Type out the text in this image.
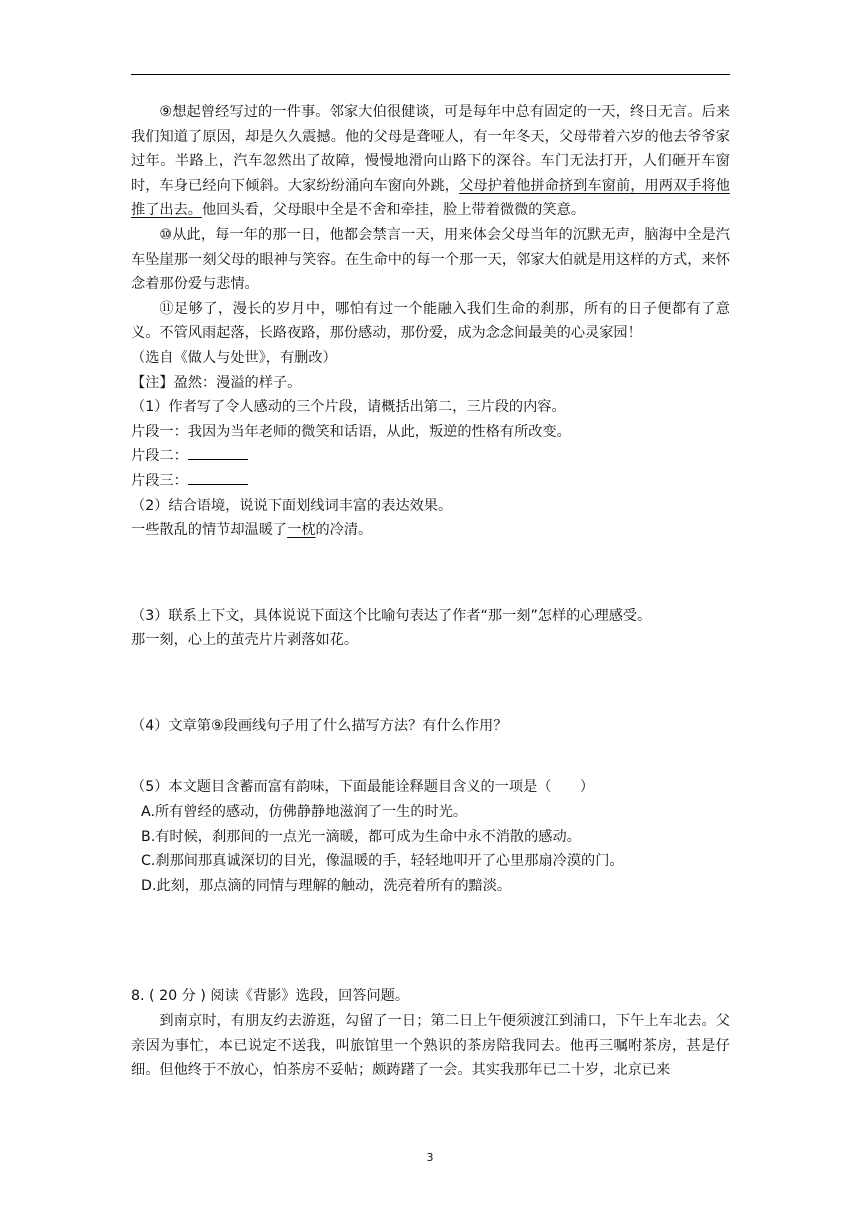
⑨想起曾经写过的一件事。邻家大伯很健谈，可是每年中总有固定的一天，终日无言。后来我们知道了原因，却是久久震撼。他的父母是聋哑人，有一年冬天，父母带着六岁的他去爷爷家过年。半路上，汽车忽然出了故障，慢慢地滑向山路下的深谷。车门无法打开，人们砸开车窗时，车身已经向下倾斜。大家纷纷涌向车窗向外跳，父母护着他拼命挤到车窗前，用两双手将他推了出去。他回头看，父母眼中全是不舍和牵挂，脸上带着微微的笑意。

⑩从此，每一年的那一日，他都会禁言一天，用来体会父母当年的沉默无声，脑海中全是汽车坠崖那一刻父母的眼神与笑容。在生命中的每一个那一天，邻家大伯就是用这样的方式，来怀念着那份爱与悲情。

⑪足够了，漫长的岁月中，哪怕有过一个能融入我们生命的刹那，所有的日子便都有了意义。不管风雨起落，长路夜路，那份感动，那份爱，成为念念间最美的心灵家园！

（选自《做人与处世》，有删改）

【注】盈然：漫溢的样子。

（1）作者写了令人感动的三个片段，请概括出第二，三片段的内容。

片段一：我因为当年老师的微笑和话语，从此，叛逆的性格有所改变。

片段二：

片段三：

（2）结合语境，说说下面划线词丰富的表达效果。

一些散乱的情节却温暖了一枕的冷清。

（3）联系上下文，具体说说下面这个比喻句表达了作者“那一刻”怎样的心理感受。

那一刻，心上的茧壳片片剥落如花。

（4）文章第⑨段画线句子用了什么描写方法？有什么作用？

（5）本文题目含蓄而富有韵味，下面最能诠释题目含义的一项是（　　）

A.所有曾经的感动，仿佛静静地滋润了一生的时光。

B.有时候，刹那间的一点光一滴暖，都可成为生命中永不消散的感动。

C.刹那间那真诚深切的目光，像温暖的手，轻轻地叩开了心里那扇冷漠的门。

D.此刻，那点滴的同情与理解的触动，洗亮着所有的黯淡。

8. ( 20 分 ) 阅读《背影》选段，回答问题。

到南京时，有朋友约去游逛，勾留了一日；第二日上午便须渡江到浦口，下午上车北去。父亲因为事忙，本已说定不送我，叫旅馆里一个熟识的茶房陪我同去。他再三嘱咐茶房，甚是仔细。但他终于不放心，怕茶房不妥帖；颇踌躇了一会。其实我那年已二十岁，北京已来

3
